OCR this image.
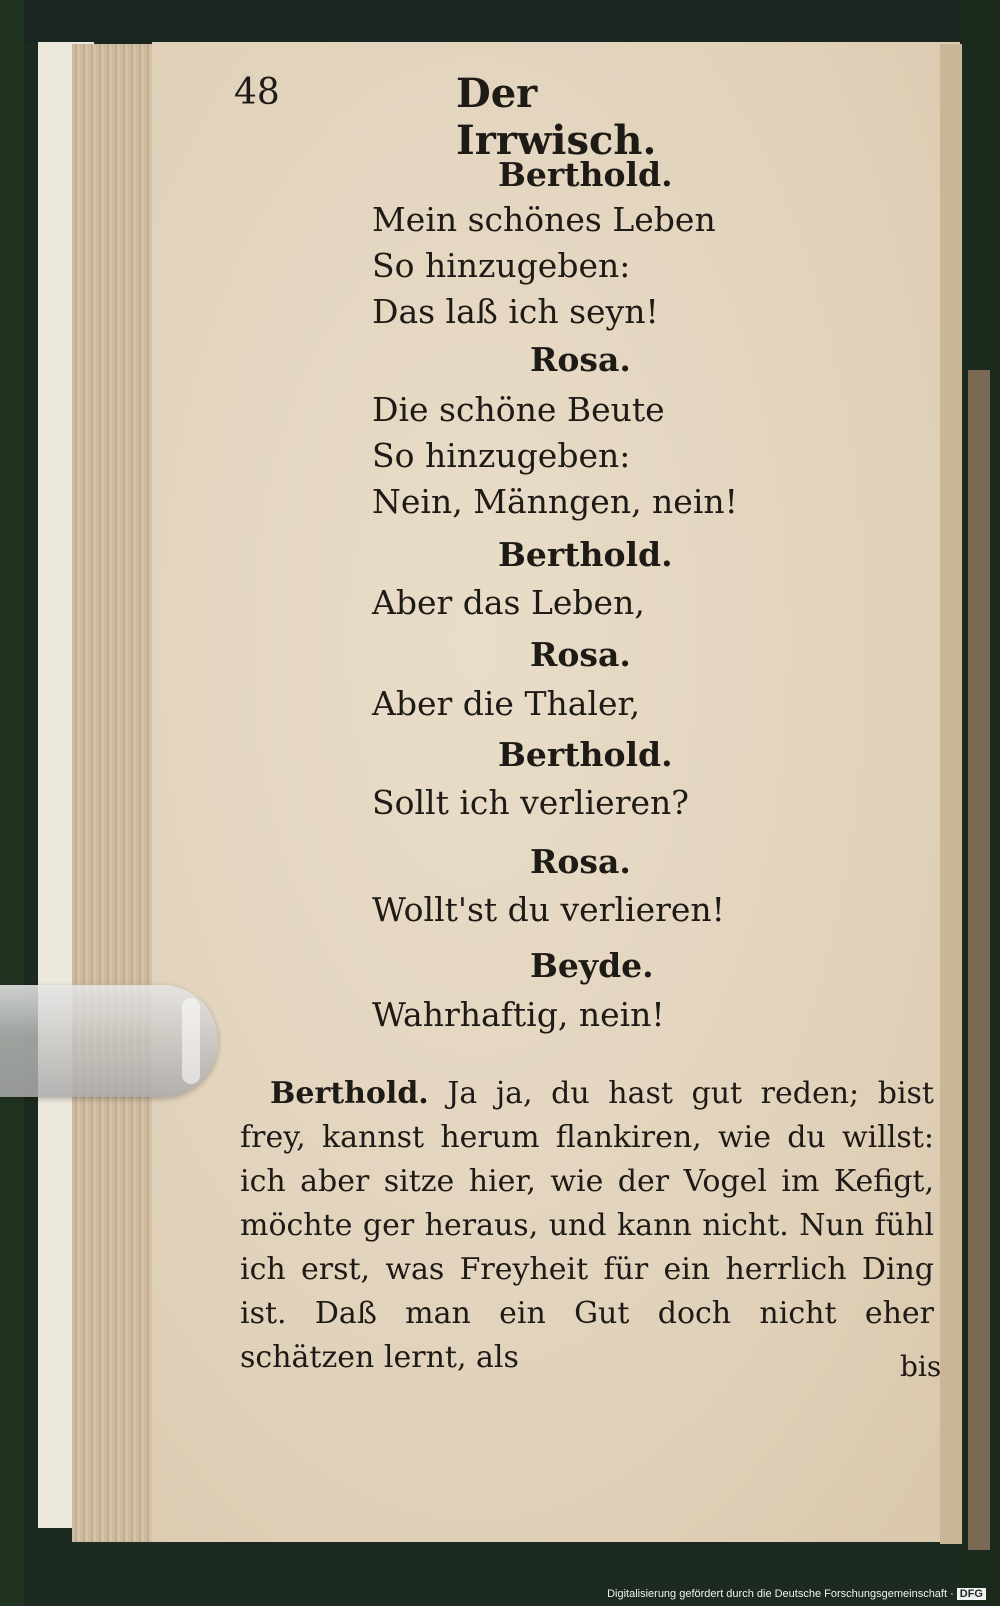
48	Der Irrwisch.
Berthold.
Mein schönes Leben
So hinzugeben:
Das laß ich seyn!
Rosa.
Die schöne Beute
So hinzugeben:
Nein, Männgen, nein!
Berthold.
Aber das Leben,
Rosa.
Aber die Thaler,
Berthold.
Sollt ich verlieren?
Rosa.
Wollt'st du verlieren!
Beyde.
Wahrhaftig, nein!

Berthold. Ja ja, du hast gut reden; bist frey, kannst herum flankiren, wie du willst: ich aber sitze hier, wie der Vogel im Kefigt, möchte ger heraus, und kann nicht. Nun fühl ich erst, was Freyheit für ein herrlich Ding ist. Daß man ein Gut doch nicht eher schätzen lernt, als	bis
Digitalisierung gefördert durch die Deutsche Forschungsgemeinschaft · DFG
